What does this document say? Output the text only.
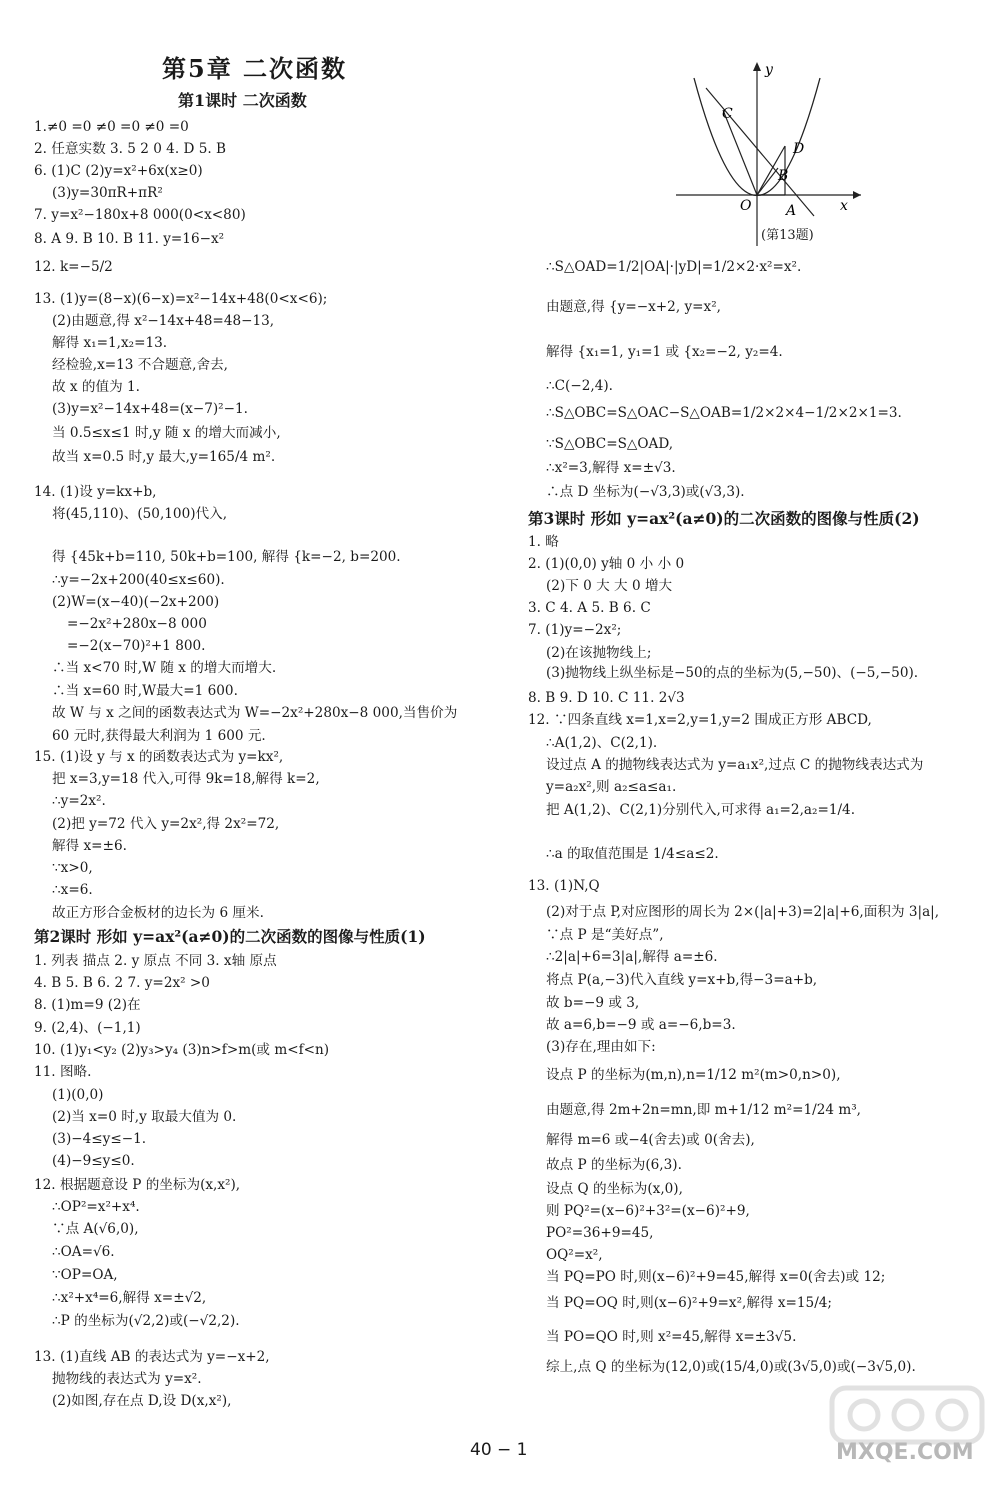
第5章 二次函数
第1课时 二次函数
1.≠0 =0 ≠0 =0 ≠0 =0
2. 任意实数 3. 5 2 0 4. D 5. B
6. (1)C (2)y=x²+6x(x≥0)
(3)y=30πR+πR²
7. y=x²−180x+8 000(0<x<80)
8. A 9. B 10. B 11. y=16−x²
12. k=−5/2
13. (1)y=(8−x)(6−x)=x²−14x+48(0<x<6);
(2)由题意,得 x²−14x+48=48−13,
解得 x₁=1,x₂=13.
经检验,x=13 不合题意,舍去,
故 x 的值为 1.
(3)y=x²−14x+48=(x−7)²−1.
当 0.5≤x≤1 时,y 随 x 的增大而减小,
故当 x=0.5 时,y 最大,y=165/4 m².
14. (1)设 y=kx+b,
将(45,110)、(50,100)代入,
得 {45k+b=110, 50k+b=100, 解得 {k=−2, b=200.
∴y=−2x+200(40≤x≤60).
(2)W=(x−40)(−2x+200)
=−2x²+280x−8 000
=−2(x−70)²+1 800.
∴当 x<70 时,W 随 x 的增大而增大.
∴当 x=60 时,W最大=1 600.
故 W 与 x 之间的函数表达式为 W=−2x²+280x−8 000,当售价为
60 元时,获得最大利润为 1 600 元.
15. (1)设 y 与 x 的函数表达式为 y=kx²,
把 x=3,y=18 代入,可得 9k=18,解得 k=2,
∴y=2x².
(2)把 y=72 代入 y=2x²,得 2x²=72,
解得 x=±6.
∵x>0,
∴x=6.
故正方形合金板材的边长为 6 厘米.
第2课时 形如 y=ax²(a≠0)的二次函数的图像与性质(1)
1. 列表 描点 2. y 原点 不同 3. x轴 原点
4. B 5. B 6. 2 7. y=2x² >0
8. (1)m=9 (2)在
9. (2,4)、(−1,1)
10. (1)y₁<y₂ (2)y₃>y₄ (3)n>f>m(或 m<f<n)
11. 图略.
(1)(0,0)
(2)当 x=0 时,y 取最大值为 0.
(3)−4≤y≤−1.
(4)−9≤y≤0.
12. 根据题意设 P 的坐标为(x,x²),
∴OP²=x²+x⁴.
∵点 A(√6,0),
∴OA=√6.
∵OP=OA,
∴x²+x⁴=6,解得 x=±√2,
∴P 的坐标为(√2,2)或(−√2,2).
13. (1)直线 AB 的表达式为 y=−x+2,
抛物线的表达式为 y=x².
(2)如图,存在点 D,设 D(x,x²),
∴S△OAD=1/2|OA|·|yD|=1/2×2·x²=x².
由题意,得 {y=−x+2, y=x²,
解得 {x₁=1, y₁=1 或 {x₂=−2, y₂=4.
∴C(−2,4).
∴S△OBC=S△OAC−S△OAB=1/2×2×4−1/2×2×1=3.
∵S△OBC=S△OAD,
∴x²=3,解得 x=±√3.
∴点 D 坐标为(−√3,3)或(√3,3).
第3课时 形如 y=ax²(a≠0)的二次函数的图像与性质(2)
1. 略
2. (1)(0,0) y轴 0 小 小 0
(2)下 0 大 大 0 增大
3. C 4. A 5. B 6. C
7. (1)y=−2x²;
(2)在该抛物线上;
(3)抛物线上纵坐标是−50的点的坐标为(5,−50)、(−5,−50).
8. B 9. D 10. C 11. 2√3
12. ∵四条直线 x=1,x=2,y=1,y=2 围成正方形 ABCD,
∴A(1,2)、C(2,1).
设过点 A 的抛物线表达式为 y=a₁x²,过点 C 的抛物线表达式为
y=a₂x²,则 a₂≤a≤a₁.
把 A(1,2)、C(2,1)分别代入,可求得 a₁=2,a₂=1/4.
∴a 的取值范围是 1/4≤a≤2.
13. (1)N,Q
(2)对于点 P,对应图形的周长为 2×(|a|+3)=2|a|+6,面积为 3|a|,
∵点 P 是“美好点”,
∴2|a|+6=3|a|,解得 a=±6.
将点 P(a,−3)代入直线 y=x+b,得−3=a+b,
故 b=−9 或 3,
故 a=6,b=−9 或 a=−6,b=3.
(3)存在,理由如下:
设点 P 的坐标为(m,n),n=1/12 m²(m>0,n>0),
由题意,得 2m+2n=mn,即 m+1/12 m²=1/24 m³,
解得 m=6 或−4(舍去)或 0(舍去),
故点 P 的坐标为(6,3).
设点 Q 的坐标为(x,0),
则 PQ²=(x−6)²+3²=(x−6)²+9,
PO²=36+9=45,
OQ²=x²,
当 PQ=PO 时,则(x−6)²+9=45,解得 x=0(舍去)或 12;
当 PQ=OQ 时,则(x−6)²+9=x²,解得 x=15/4;
当 PO=QO 时,则 x²=45,解得 x=±3√5.
综上,点 Q 的坐标为(12,0)或(15/4,0)或(3√5,0)或(−3√5,0).
x
y
O
C
D
B
A
(第13题)
MXQE.COM
40 − 1
